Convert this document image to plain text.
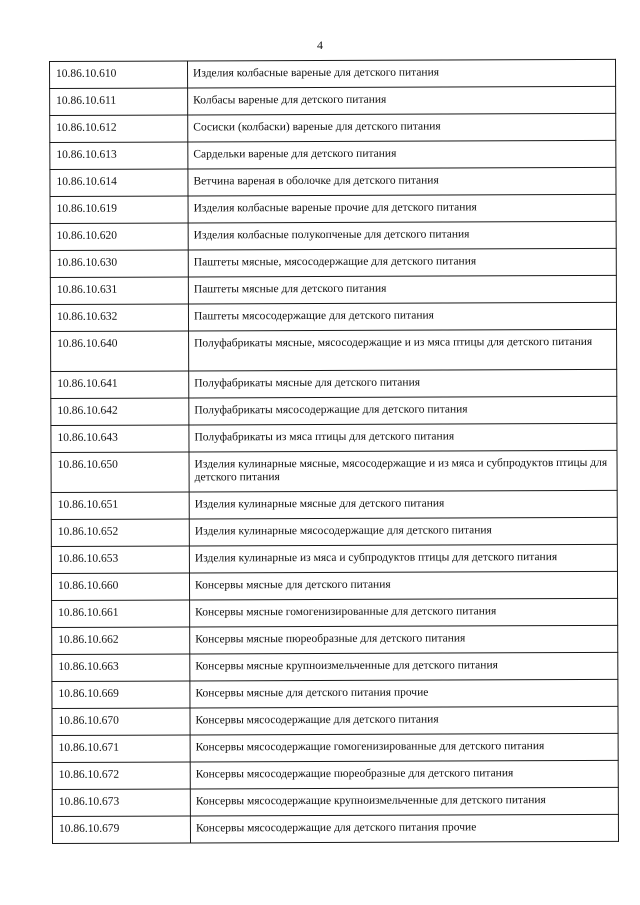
4
10.86.10.610	Изделия колбасные вареные для детского питания
10.86.10.611	Колбасы вареные для детского питания
10.86.10.612	Сосиски (колбаски) вареные для детского питания
10.86.10.613	Сардельки вареные для детского питания
10.86.10.614	Ветчина вареная в оболочке для детского питания
10.86.10.619	Изделия колбасные вареные прочие для детского питания
10.86.10.620	Изделия колбасные полукопченые для детского питания
10.86.10.630	Паштеты мясные, мясосодержащие для детского питания
10.86.10.631	Паштеты мясные для детского питания
10.86.10.632	Паштеты мясосодержащие для детского питания
10.86.10.640	Полуфабрикаты мясные, мясосодержащие и из мяса птицы для детского питания
10.86.10.641	Полуфабрикаты мясные для детского питания
10.86.10.642	Полуфабрикаты мясосодержащие для детского питания
10.86.10.643	Полуфабрикаты из мяса птицы для детского питания
10.86.10.650	Изделия кулинарные мясные, мясосодержащие и из мяса и субпродуктов птицы для детского питания
10.86.10.651	Изделия кулинарные мясные для детского питания
10.86.10.652	Изделия кулинарные мясосодержащие для детского питания
10.86.10.653	Изделия кулинарные из мяса и субпродуктов птицы для детского питания
10.86.10.660	Консервы мясные для детского питания
10.86.10.661	Консервы мясные гомогенизированные для детского питания
10.86.10.662	Консервы мясные пюреобразные для детского питания
10.86.10.663	Консервы мясные крупноизмельченные для детского питания
10.86.10.669	Консервы мясные для детского питания прочие
10.86.10.670	Консервы мясосодержащие для детского питания
10.86.10.671	Консервы мясосодержащие гомогенизированные для детского питания
10.86.10.672	Консервы мясосодержащие пюреобразные для детского питания
10.86.10.673	Консервы мясосодержащие крупноизмельченные для детского питания
10.86.10.679	Консервы мясосодержащие для детского питания прочие
